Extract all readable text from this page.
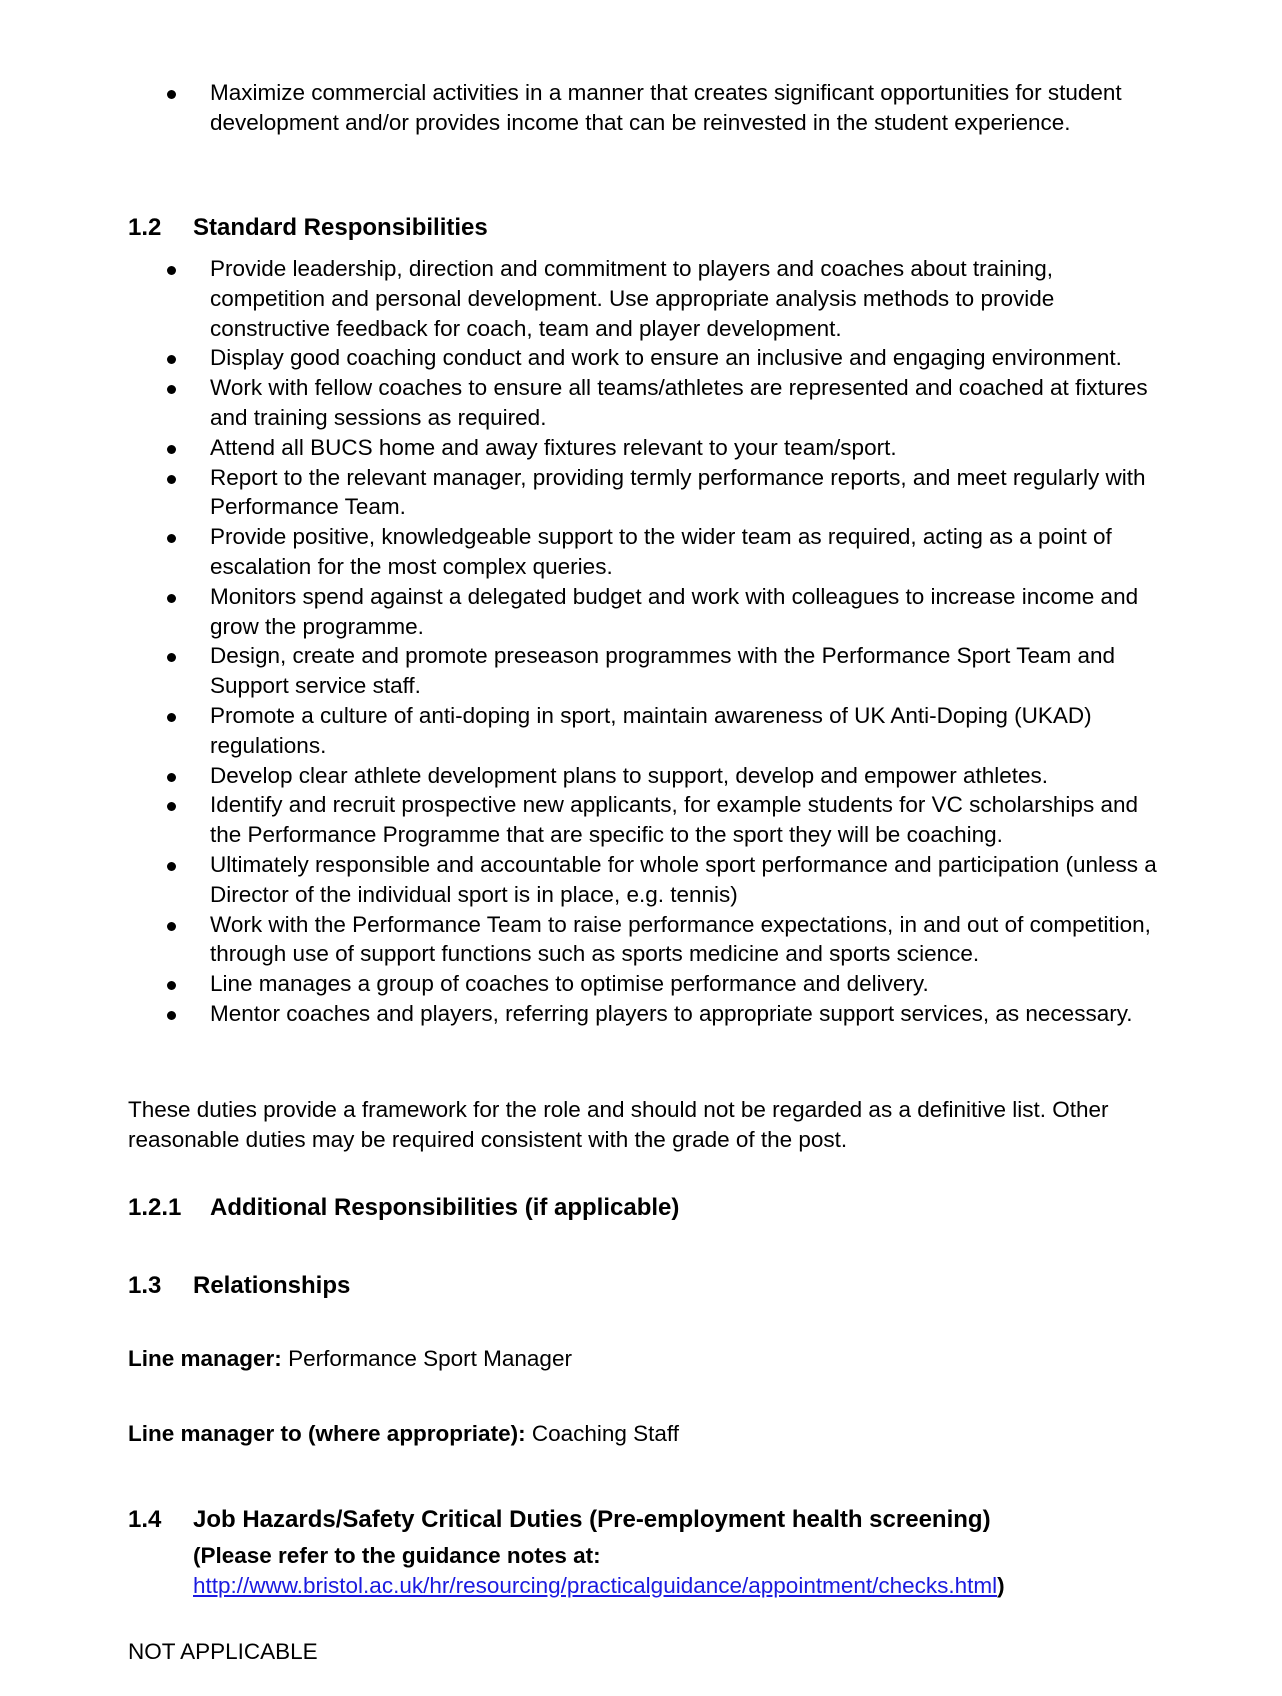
Maximize commercial activities in a manner that creates significant opportunities for student development and/or provides income that can be reinvested in the student experience.
1.2 Standard Responsibilities
Provide leadership, direction and commitment to players and coaches about training, competition and personal development. Use appropriate analysis methods to provide constructive feedback for coach, team and player development.
Display good coaching conduct and work to ensure an inclusive and engaging environment.
Work with fellow coaches to ensure all teams/athletes are represented and coached at fixtures and training sessions as required.
Attend all BUCS home and away fixtures relevant to your team/sport.
Report to the relevant manager, providing termly performance reports, and meet regularly with Performance Team.
Provide positive, knowledgeable support to the wider team as required, acting as a point of escalation for the most complex queries.
Monitors spend against a delegated budget and work with colleagues to increase income and grow the programme.
Design, create and promote preseason programmes with the Performance Sport Team and Support service staff.
Promote a culture of anti-doping in sport, maintain awareness of UK Anti-Doping (UKAD) regulations.
Develop clear athlete development plans to support, develop and empower athletes.
Identify and recruit prospective new applicants, for example students for VC scholarships and the Performance Programme that are specific to the sport they will be coaching.
Ultimately responsible and accountable for whole sport performance and participation (unless a Director of the individual sport is in place, e.g. tennis)
Work with the Performance Team to raise performance expectations, in and out of competition, through use of support functions such as sports medicine and sports science.
Line manages a group of coaches to optimise performance and delivery.
Mentor coaches and players, referring players to appropriate support services, as necessary.
These duties provide a framework for the role and should not be regarded as a definitive list. Other reasonable duties may be required consistent with the grade of the post.
1.2.1 Additional Responsibilities (if applicable)
1.3 Relationships
Line manager: Performance Sport Manager
Line manager to (where appropriate): Coaching Staff
1.4 Job Hazards/Safety Critical Duties (Pre-employment health screening)
(Please refer to the guidance notes at:
http://www.bristol.ac.uk/hr/resourcing/practicalguidance/appointment/checks.html)
NOT APPLICABLE
